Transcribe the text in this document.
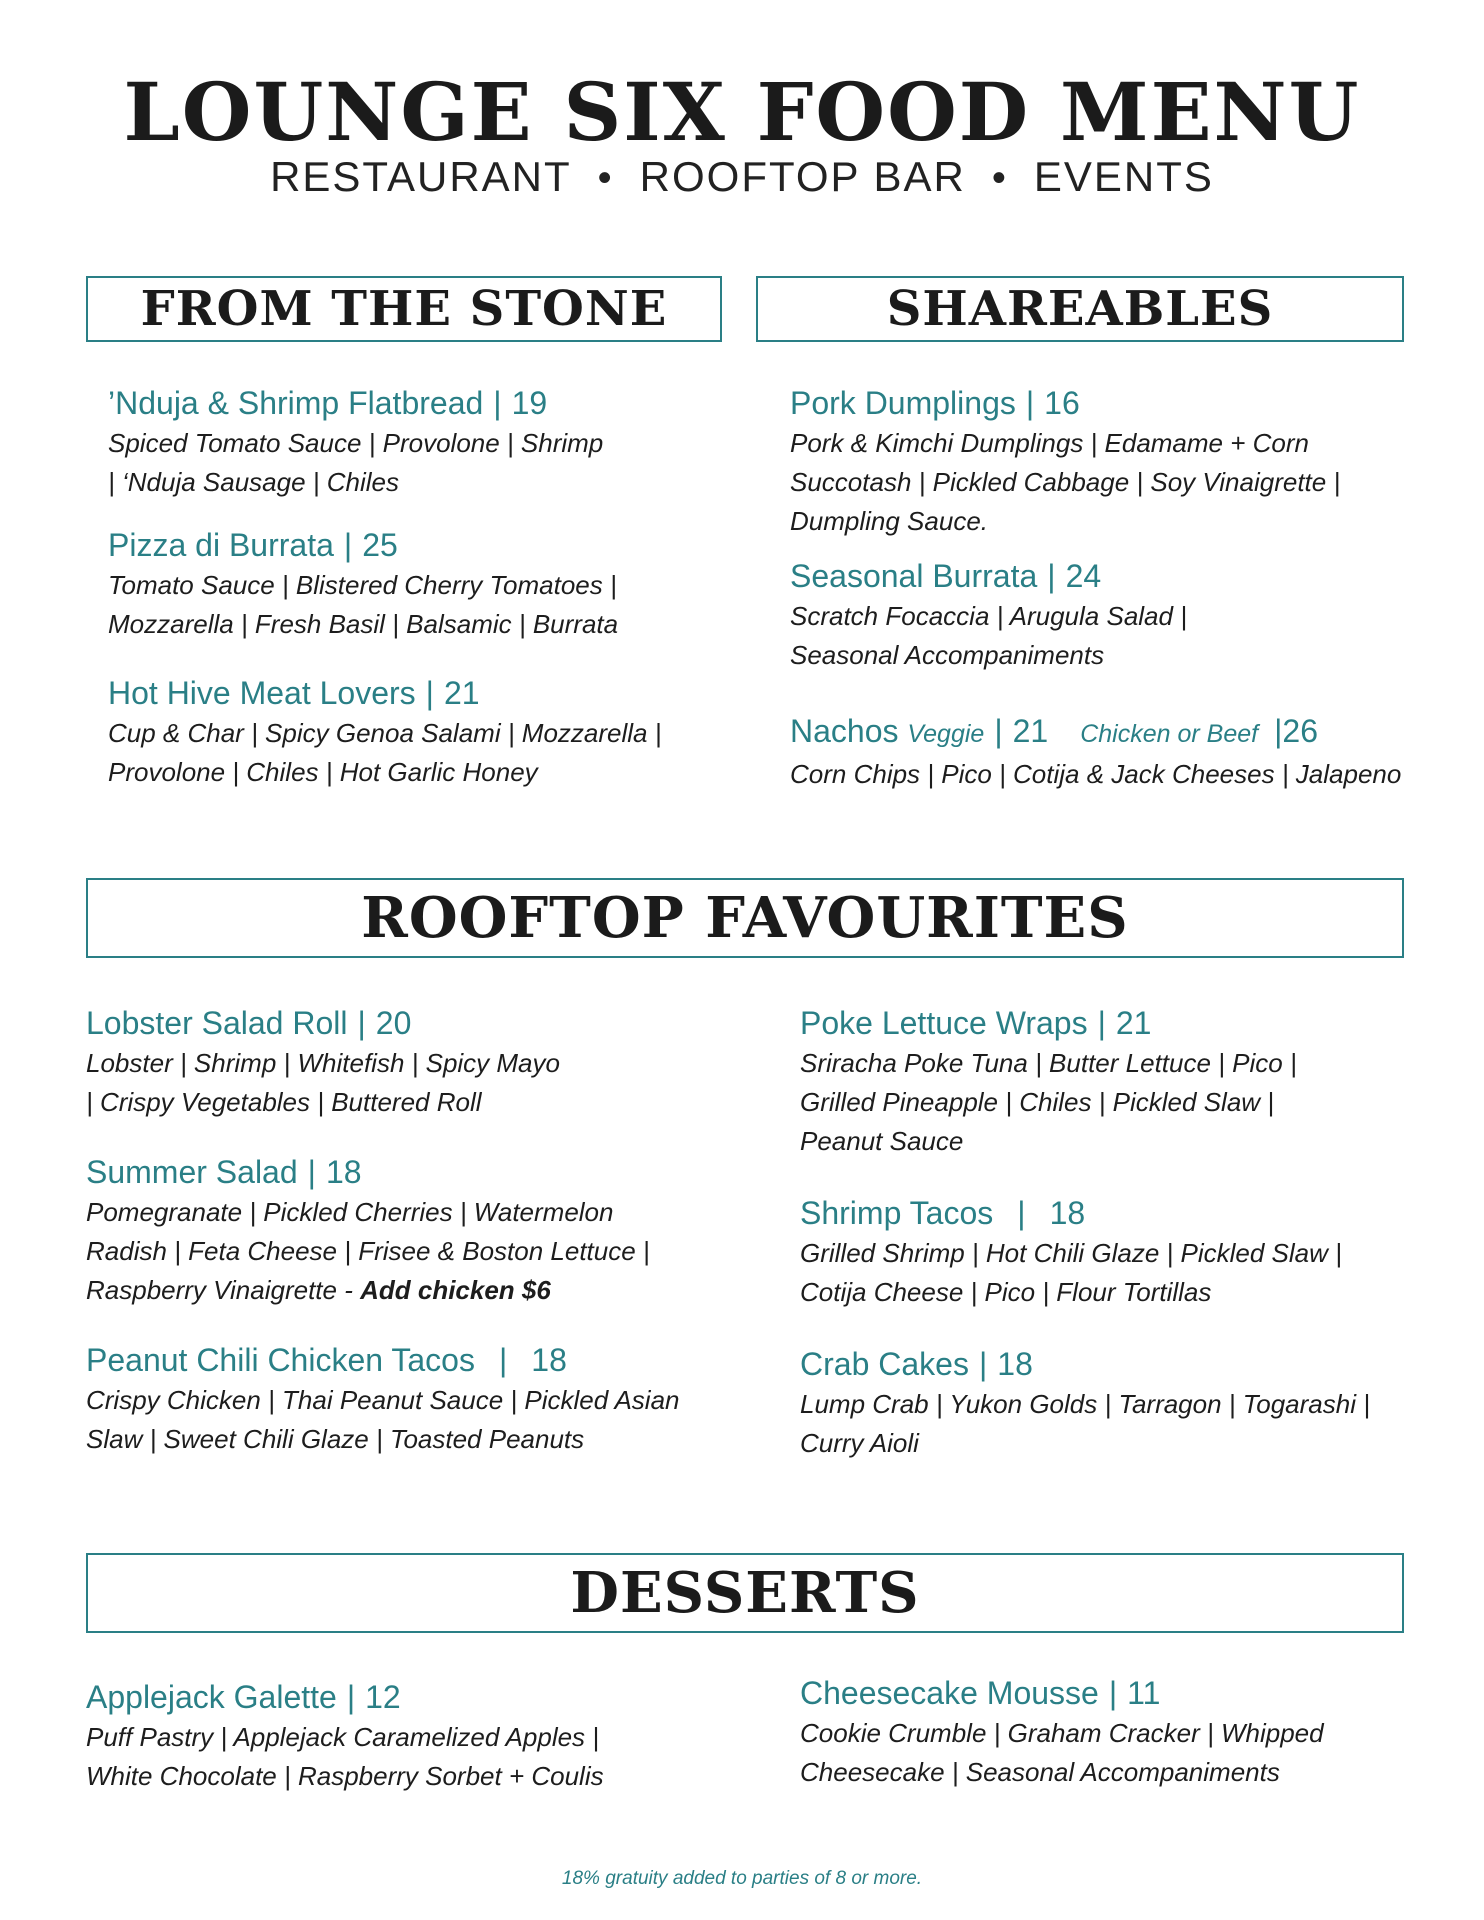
LOUNGE SIX FOOD MENU
RESTAURANT • ROOFTOP BAR • EVENTS
FROM THE STONE
’Nduja & Shrimp Flatbread | 19
Spiced Tomato Sauce | Provolone | Shrimp
| ‘Nduja Sausage | Chiles
Pizza di Burrata | 25
Tomato Sauce | Blistered Cherry Tomatoes |
Mozzarella | Fresh Basil | Balsamic | Burrata
Hot Hive Meat Lovers | 21
Cup & Char | Spicy Genoa Salami | Mozzarella |
Provolone | Chiles | Hot Garlic Honey
SHAREABLES
Pork Dumplings | 16
Pork & Kimchi Dumplings | Edamame + Corn
Succotash | Pickled Cabbage | Soy Vinaigrette |
Dumpling Sauce.
Seasonal Burrata | 24
Scratch Focaccia | Arugula Salad |
Seasonal Accompaniments
Nachos Veggie | 21 Chicken or Beef |26
Corn Chips | Pico | Cotija & Jack Cheeses | Jalapeno
ROOFTOP FAVOURITES
Lobster Salad Roll | 20
Lobster | Shrimp | Whitefish | Spicy Mayo
| Crispy Vegetables | Buttered Roll
Summer Salad | 18
Pomegranate | Pickled Cherries | Watermelon
Radish | Feta Cheese | Frisee & Boston Lettuce |
Raspberry Vinaigrette - Add chicken $6
Peanut Chili Chicken Tacos | 18
Crispy Chicken | Thai Peanut Sauce | Pickled Asian
Slaw | Sweet Chili Glaze | Toasted Peanuts
Poke Lettuce Wraps | 21
Sriracha Poke Tuna | Butter Lettuce | Pico |
Grilled Pineapple | Chiles | Pickled Slaw |
Peanut Sauce
Shrimp Tacos | 18
Grilled Shrimp | Hot Chili Glaze | Pickled Slaw |
Cotija Cheese | Pico | Flour Tortillas
Crab Cakes | 18
Lump Crab | Yukon Golds | Tarragon | Togarashi |
Curry Aioli
DESSERTS
Applejack Galette | 12
Puff Pastry | Applejack Caramelized Apples |
White Chocolate | Raspberry Sorbet + Coulis
Cheesecake Mousse | 11
Cookie Crumble | Graham Cracker | Whipped
Cheesecake | Seasonal Accompaniments
18% gratuity added to parties of 8 or more.
